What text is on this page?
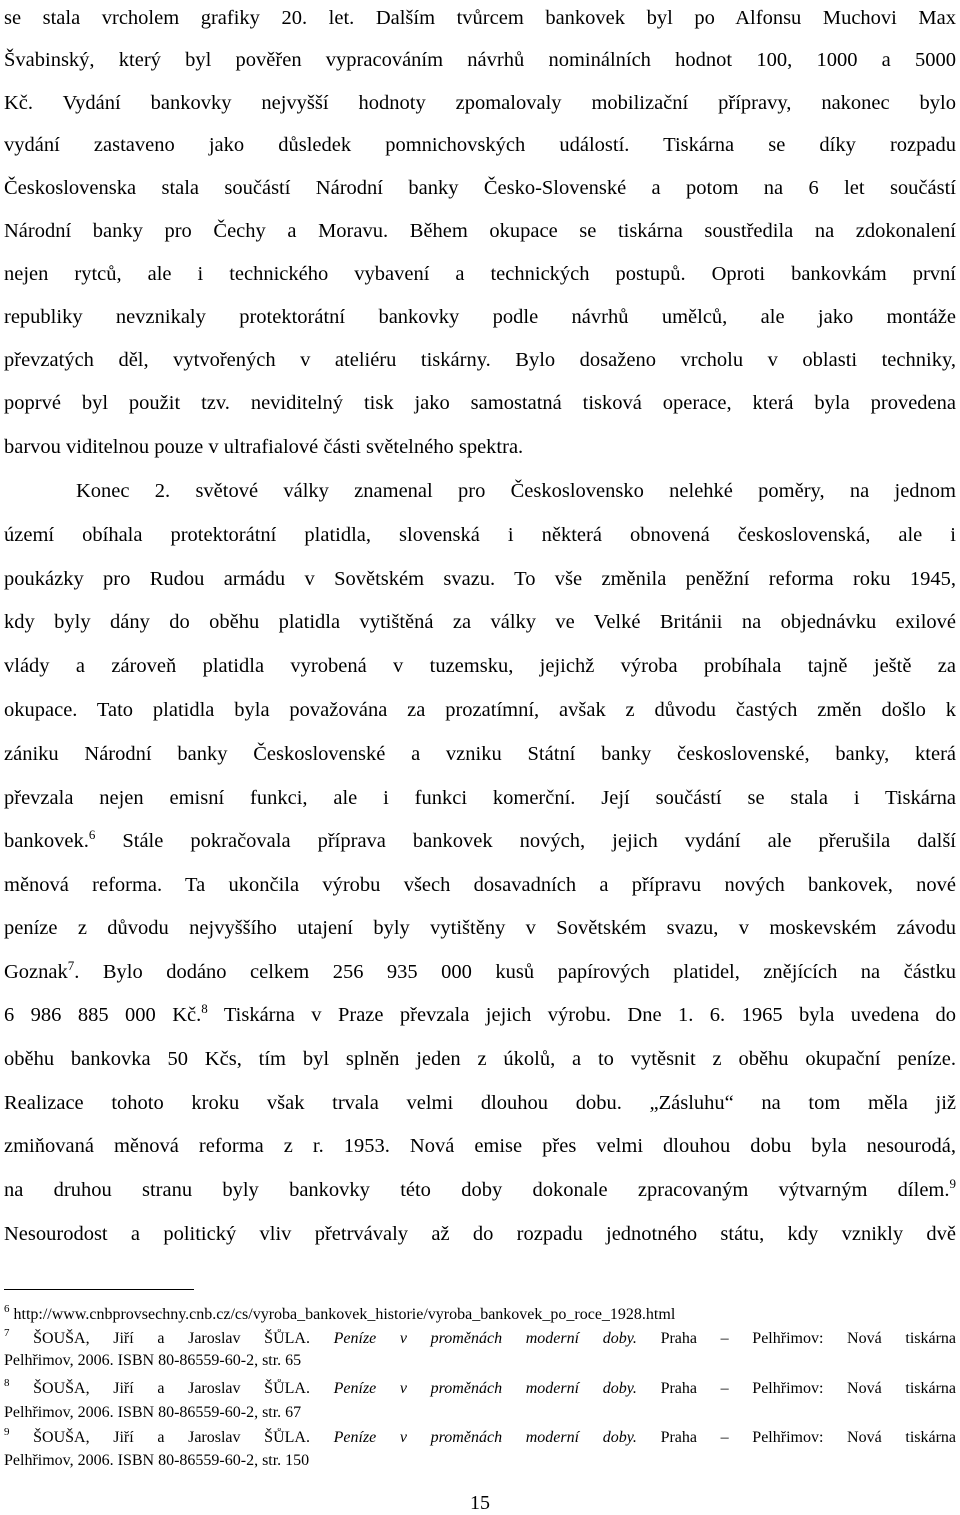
se stala vrcholem grafiky 20. let. Dalším tvůrcem bankovek byl po Alfonsu Muchovi Max
Švabinský, který byl pověřen vypracováním návrhů nominálních hodnot 100, 1000 a 5000
Kč. Vydání bankovky nejvyšší hodnoty zpomalovaly mobilizační přípravy, nakonec bylo
vydání zastaveno jako důsledek pomnichovských událostí. Tiskárna se díky rozpadu
Československa stala součástí Národní banky Česko-Slovenské a potom na 6 let součástí
Národní banky pro Čechy a Moravu. Během okupace se tiskárna soustředila na zdokonalení
nejen rytců, ale i technického vybavení a technických postupů. Oproti bankovkám první
republiky nevznikaly protektorátní bankovky podle návrhů umělců, ale jako montáže
převzatých děl, vytvořených v ateliéru tiskárny. Bylo dosaženo vrcholu v oblasti techniky,
poprvé byl použit tzv. neviditelný tisk jako samostatná tisková operace, která byla provedena
barvou viditelnou pouze v ultrafialové části světelného spektra.
Konec 2. světové války znamenal pro Československo nelehké poměry, na jednom
území obíhala protektorátní platidla, slovenská i některá obnovená československá, ale i
poukázky pro Rudou armádu v Sovětském svazu. To vše změnila peněžní reforma roku 1945,
kdy byly dány do oběhu platidla vytištěná za války ve Velké Británii na objednávku exilové
vlády a zároveň platidla vyrobená v tuzemsku, jejichž výroba probíhala tajně ještě za
okupace. Tato platidla byla považována za prozatímní, avšak z důvodu častých změn došlo k
zániku Národní banky Československé a vzniku Státní banky československé, banky, která
převzala nejen emisní funkci, ale i funkci komerční. Její součástí se stala i Tiskárna
bankovek.$^6$ Stále pokračovala příprava bankovek nových, jejich vydání ale přerušila další
měnová reforma. Ta ukončila výrobu všech dosavadních a přípravu nových bankovek, nové
peníze z důvodu nejvyššího utajení byly vytištěny v Sovětském svazu, v moskevském závodu
Goznak$^7$. Bylo dodáno celkem 256 935 000 kusů papírových platidel, znějících na částku
6 986 885 000 Kč.$^8$ Tiskárna v Praze převzala jejich výrobu. Dne 1. 6. 1965 byla uvedena do
oběhu bankovka 50 Kčs, tím byl splněn jeden z úkolů, a to vytěsnit z oběhu okupační peníze.
Realizace tohoto kroku však trvala velmi dlouhou dobu. „Zásluhu“ na tom měla již
zmiňovaná měnová reforma z r. 1953. Nová emise přes velmi dlouhou dobu byla nesourodá,
na druhou stranu byly bankovky této doby dokonale zpracovaným výtvarným dílem.$^9$
Nesourodost a politický vliv přetrvávaly až do rozpadu jednotného státu, kdy vznikly dvě
$^6$ http://www.cnbprovsechny.cnb.cz/cs/vyroba_bankovek_historie/vyroba_bankovek_po_roce_1928.html
$^7$ ŠOUŠA, Jiří a Jaroslav ŠŮLA. Peníze v proměnách moderní doby. Praha – Pelhřimov: Nová tiskárna
Pelhřimov, 2006. ISBN 80-86559-60-2, str. 65
$^8$ ŠOUŠA, Jiří a Jaroslav ŠŮLA. Peníze v proměnách moderní doby. Praha – Pelhřimov: Nová tiskárna
Pelhřimov, 2006. ISBN 80-86559-60-2, str. 67
$^9$ ŠOUŠA, Jiří a Jaroslav ŠŮLA. Peníze v proměnách moderní doby. Praha – Pelhřimov: Nová tiskárna
Pelhřimov, 2006. ISBN 80-86559-60-2, str. 150
15
